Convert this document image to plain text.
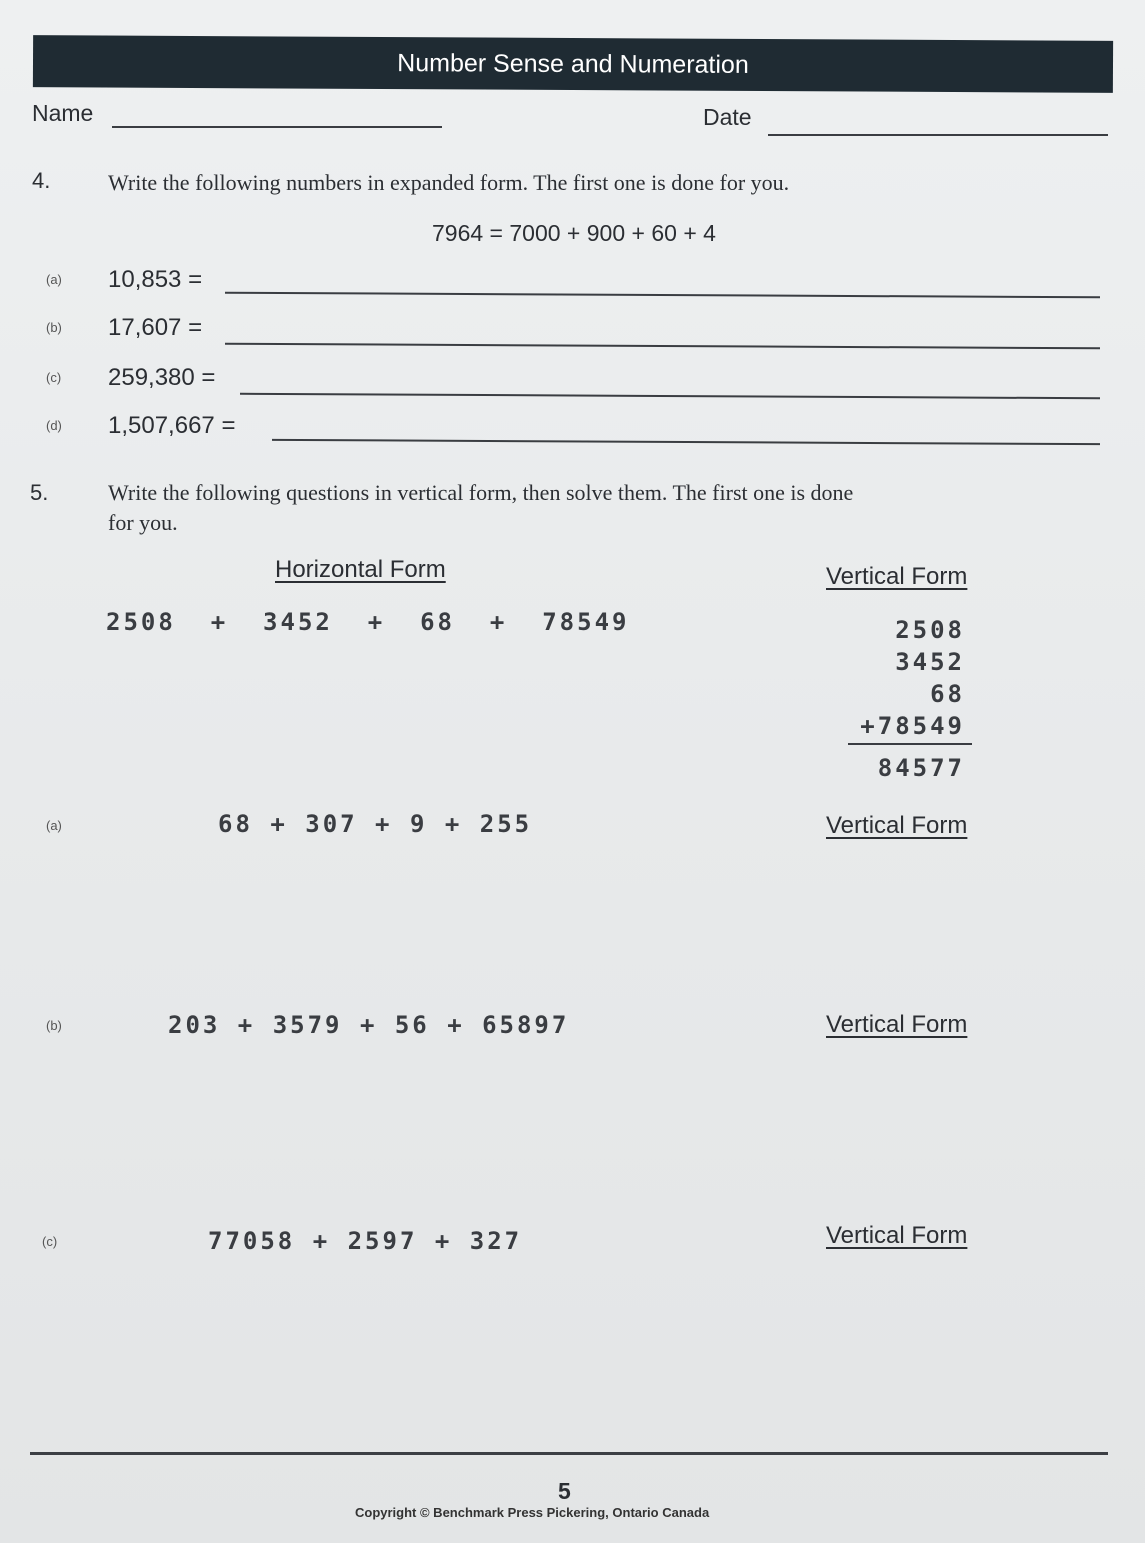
Number Sense and Numeration
Name	Date
4.	Write the following numbers in expanded form. The first one is done for you.
7964 = 7000 + 900 + 60 + 4
(a) 10,853 =
(b) 17,607 =
(c) 259,380 =
(d) 1,507,667 =
5.	Write the following questions in vertical form, then solve them. The first one is done
for you.
Horizontal Form	Vertical Form
2508  +  3452  +  68  +  78549	2508
3452
68
+78549
84577
(a)	68 + 307 + 9 + 255	Vertical Form
(b)	203 + 3579 + 56 + 65897	Vertical Form
(c)	77058 + 2597 + 327	Vertical Form
5
Copyright © Benchmark Press Pickering, Ontario Canada
